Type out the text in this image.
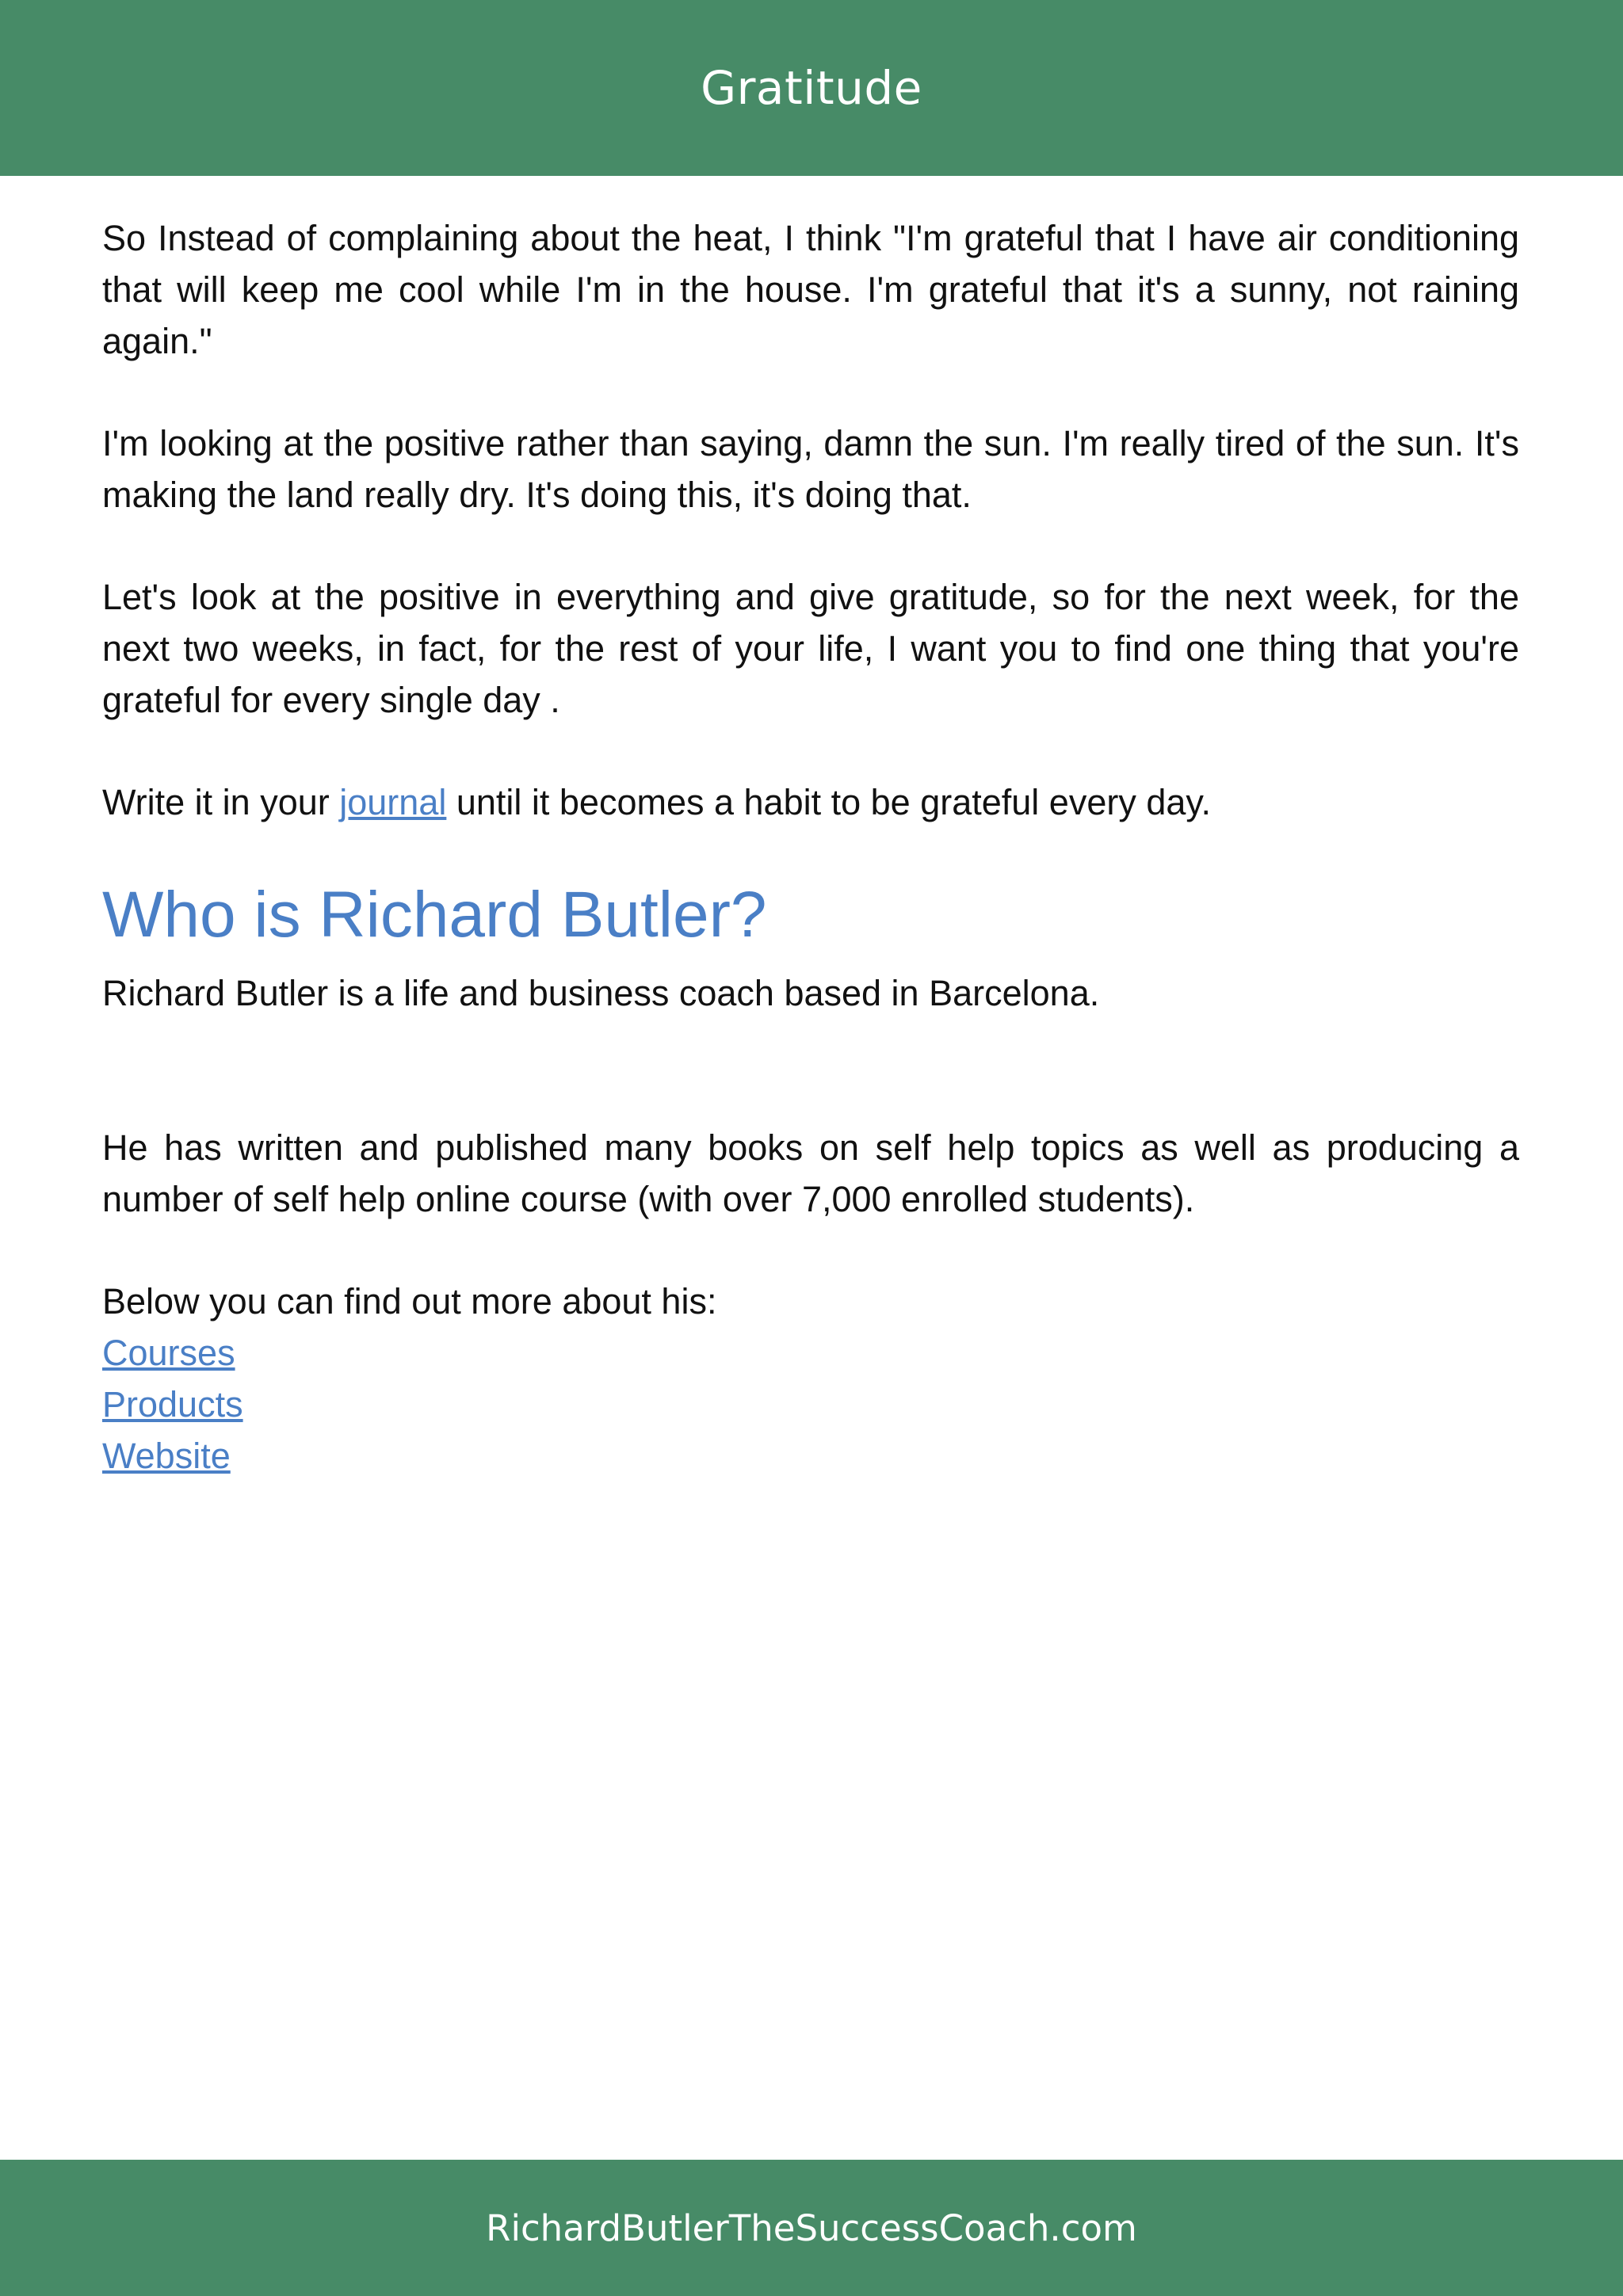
Gratitude

So Instead of complaining about the heat, I think "I'm grateful that I have air conditioning that will keep me cool while I'm in the house. I'm grateful that it's a sunny, not raining again."

I'm looking at the positive rather than saying, damn the sun. I'm really tired of the sun. It's making the land really dry. It's doing this, it's doing that.

Let's look at the positive in everything and give gratitude, so for the next week, for the next two weeks, in fact, for the rest of your life, I want you to find one thing that you're grateful for every single day .

Write it in your journal until it becomes a habit to be grateful every day.

Who is Richard Butler?

Richard Butler is a life and business coach based in Barcelona.

He has written and published many books on self help topics as well as producing a number of self help online course (with over 7,000 enrolled students).

Below you can find out more about his:
Courses
Products
Website
RichardButlerTheSuccessCoach.com
